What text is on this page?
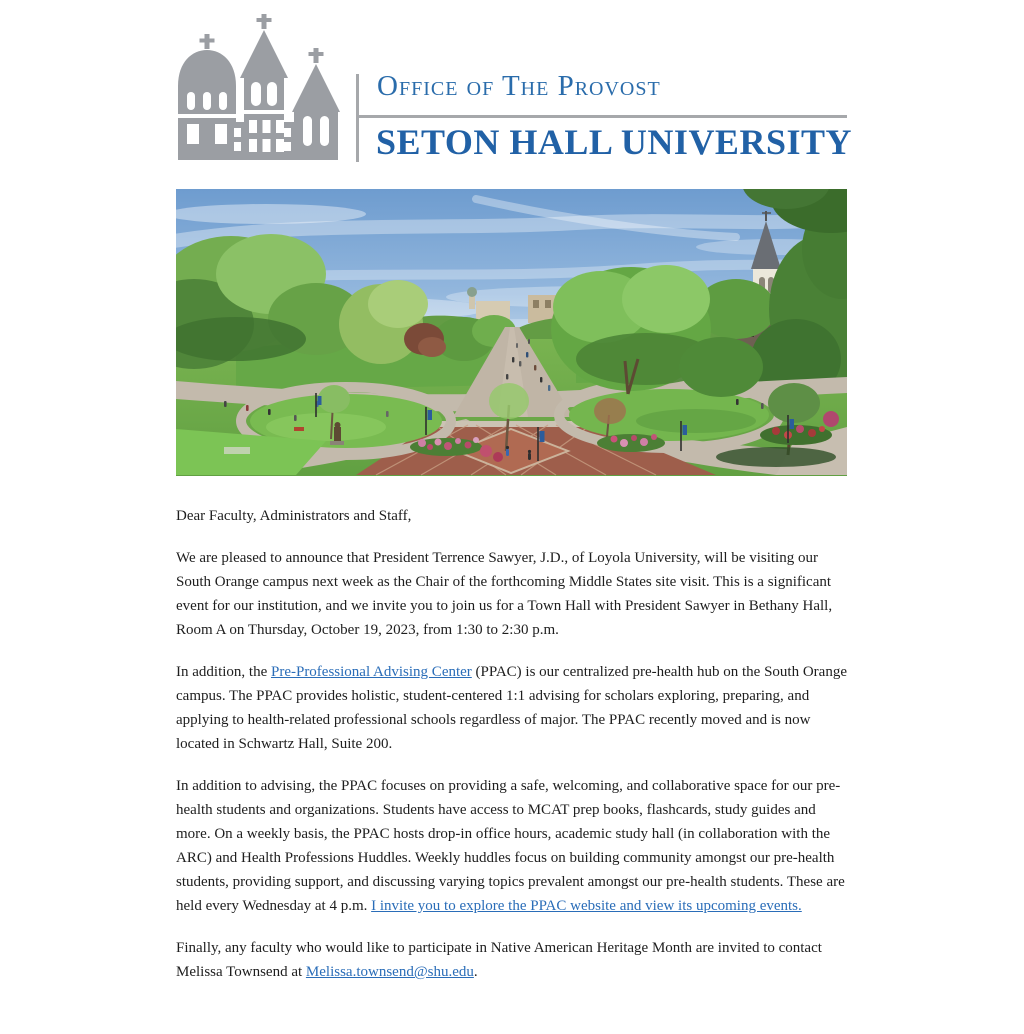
Office of The Provost
SETON HALL UNIVERSITY

Dear Faculty, Administrators and Staff,

We are pleased to announce that President Terrence Sawyer, J.D., of Loyola University, will be visiting our South Orange campus next week as the Chair of the forthcoming Middle States site visit. This is a significant event for our institution, and we invite you to join us for a Town Hall with President Sawyer in Bethany Hall, Room A on Thursday, October 19, 2023, from 1:30 to 2:30 p.m.

In addition, the Pre-Professional Advising Center (PPAC) is our centralized pre-health hub on the South Orange campus. The PPAC provides holistic, student-centered 1:1 advising for scholars exploring, preparing, and applying to health-related professional schools regardless of major. The PPAC recently moved and is now located in Schwartz Hall, Suite 200.

In addition to advising, the PPAC focuses on providing a safe, welcoming, and collaborative space for our pre-health students and organizations. Students have access to MCAT prep books, flashcards, study guides and more. On a weekly basis, the PPAC hosts drop-in office hours, academic study hall (in collaboration with the ARC) and Health Professions Huddles. Weekly huddles focus on building community amongst our pre-health students, providing support, and discussing varying topics prevalent amongst our pre-health students. These are held every Wednesday at 4 p.m. I invite you to explore the PPAC website and view its upcoming events.

Finally, any faculty who would like to participate in Native American Heritage Month are invited to contact Melissa Townsend at Melissa.townsend@shu.edu.
